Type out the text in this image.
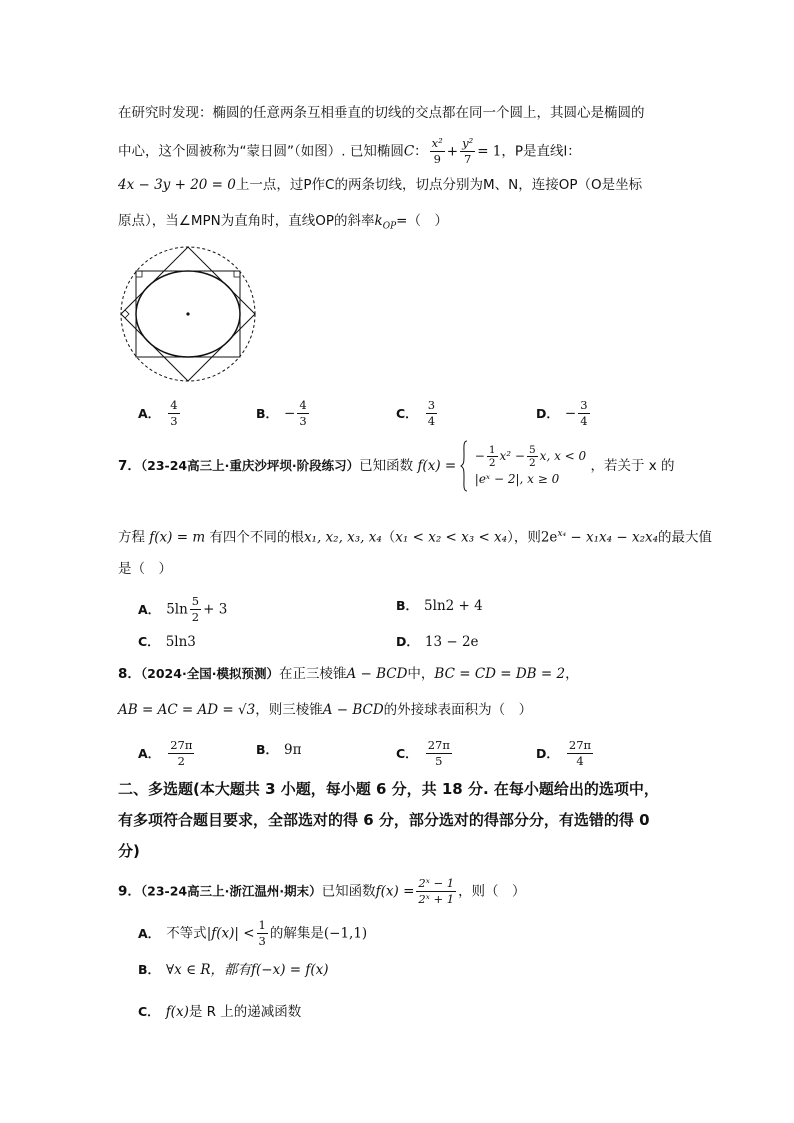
在研究时发现：椭圆的任意两条互相垂直的切线的交点都在同一个圆上，其圆心是椭圆的
中心，这个圆被称为“蒙日圆”（如图）. 已知椭圆C： $\frac{\text{x²}}{9} + \frac{\text{y²}}{7} = 1$，P是直线l：
4x − 3y + 20 = 0上一点，过P作C的两条切线，切点分别为M、N，连接OP（O是坐标
原点），当∠MPN为直角时，直线OP的斜率$k_{OP}=$（　）
A． $\frac{4}{3}$	B． − $\frac{4}{3}$	C． $\frac{3}{4}$	D． − $\frac{3}{4}$
7．（23-24高三上·重庆沙坪坝·阶段练习）已知函数 f(x) =
− $\frac{1}{2} x^2 - \frac{5}{2} x$, x < 0
|eˣ − 2|, x ≥ 0
，若关于 x 的
方程 f(x) = m 有四个不同的根x₁, x₂, x₃, x₄（x₁ < x₂ < x₃ < x₄），则$2e^{x_4} - x_1x_4 - x_2x_4$的最大值
是（　）
A． $5\ln \frac{5}{2} + 3$	B． 5ln2 + 4
C． 5ln3	D． 13 − 2e
8．（2024·全国·模拟预测）在正三棱锥A − BCD中，BC = CD = DB = 2，
AB = AC = AD = √3，则三棱锥A − BCD的外接球表面积为（　）
A． $\frac{27\pi}{2}$	B． 9π	C． $\frac{27\pi}{5}$	D． $\frac{27\pi}{4}$
二、多选题(本大题共 3 小题，每小题 6 分，共 18 分. 在每小题给出的选项中，
有多项符合题目要求，全部选对的得 6 分，部分选对的得部分分，有选错的得 0
分)
9．（23-24高三上·浙江温州·期末）已知函数$f(x) = \frac{\text{2ˣ − 1}}{\text{2ˣ + 1}}$ ，则（　）
A． 不等式$|f(x)| < \frac{1}{3}$ 的解集是(−1,1)
B． ∀x ∈ R，都有f(−x) = f(x)
C． f(x)是 R 上的递减函数
